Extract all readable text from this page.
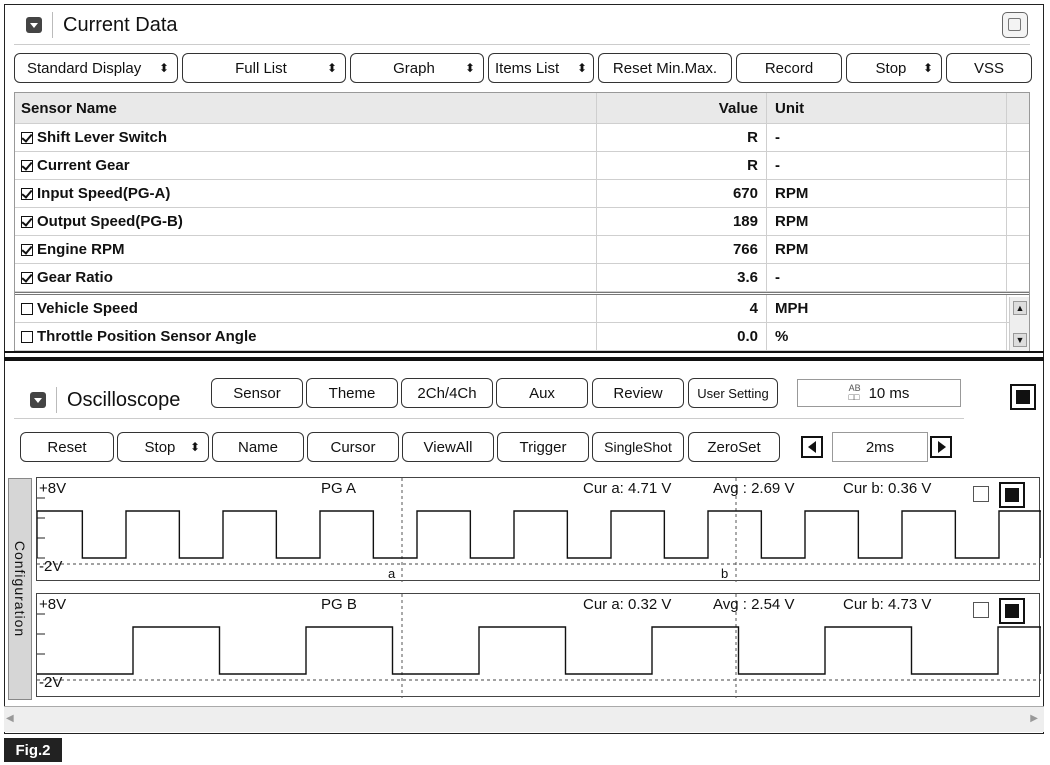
Current Data
Standard Display ⬍	Full List	⬍	Graph	⬍ Items List ⬍	Reset Min.Max.	Record	Stop	⬍	VSS
Sensor Name	Value	Unit
Shift Lever Switch	R	-
Current Gear	R	-
Input Speed(PG-A)	670	RPM
Output Speed(PG-B)	189	RPM
Engine RPM	766	RPM
Gear Ratio	3.6	-
Vehicle Speed	4	MPH
Throttle Position Sensor Angle	0.0	%
▲
▼
Oscilloscope	Sensor	Theme	2Ch/4Ch	Aux	Review	User Setting	AB
□□ 10 ms
Reset	Stop	⬍	Name	Cursor	ViewAll	Trigger	SingleShot	ZeroSet	2ms
Configuration
+8V
-2V
PG A	Cur a: 4.71 V	Avg : 2.69 V	Cur b: 0.36 V
a	b
+8V
-2V
PG B	Cur a: 0.32 V	Avg : 2.54 V	Cur b: 4.73 V
◀	▶
Fig.2
